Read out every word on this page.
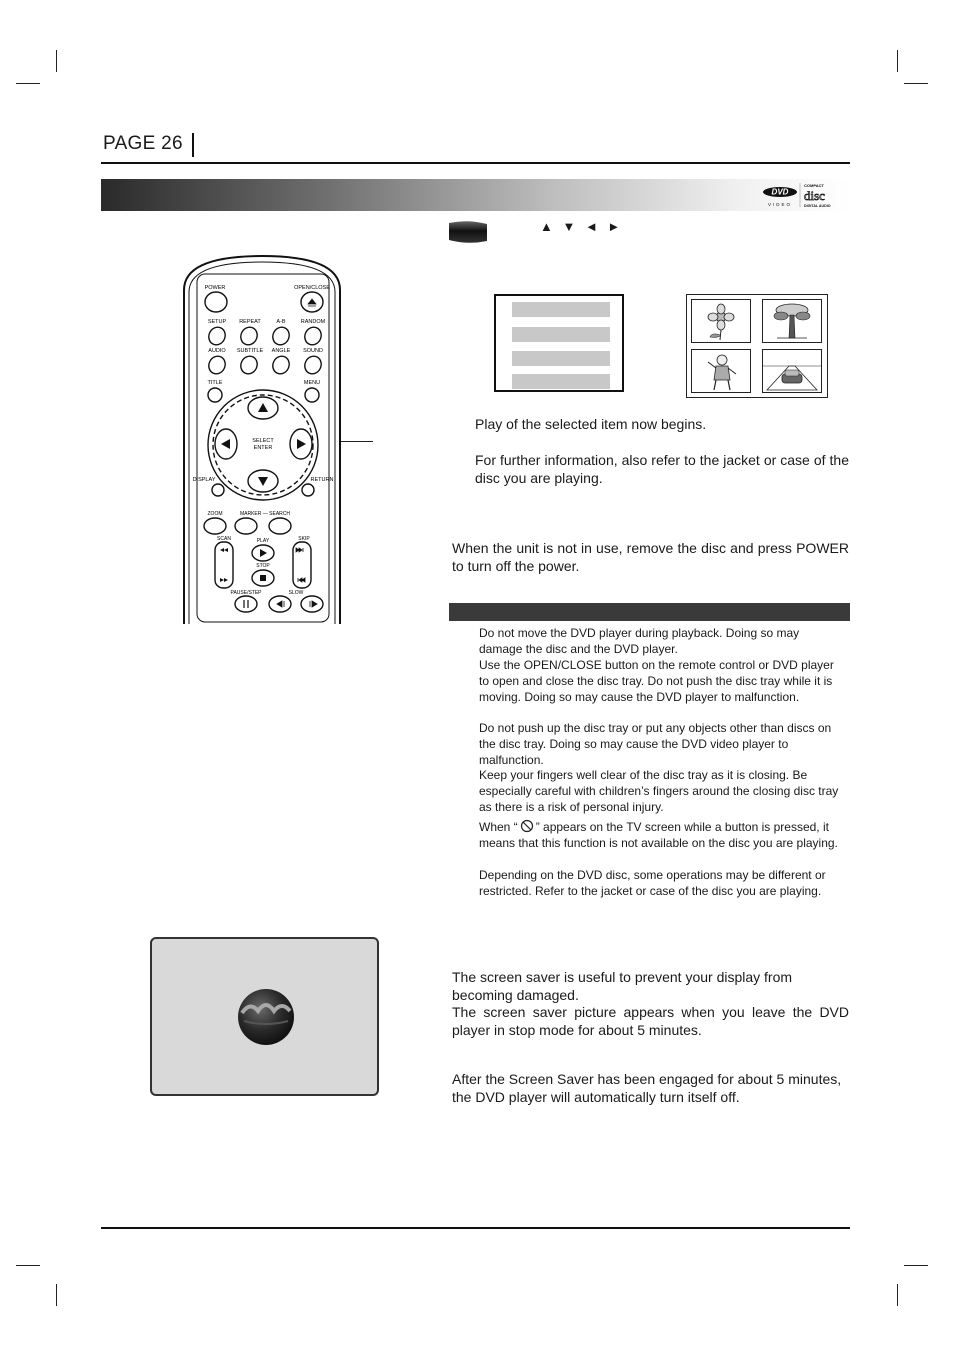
PAGE 26
DVD
VIDEO
COMPACT
disc
DIGITAL AUDIO
▲ ▼ ◄ ►
Play of the selected item now begins.
For further information, also refer to the jacket or case of the disc you are playing.
When the unit is not in use, remove the disc and press POWER to turn off the power.
Do not move the DVD player during playback. Doing so may damage the disc and the DVD player.
Use the OPEN/CLOSE button on the remote control or DVD player to open and close the disc tray. Do not push the disc tray while it is moving. Doing so may cause the DVD player to malfunction.
Do not push up the disc tray or put any objects other than discs on the disc tray. Doing so may cause the DVD video player to malfunction.
Keep your fingers well clear of the disc tray as it is closing. Be especially careful with children’s fingers around the closing disc tray as there is a risk of personal injury.
When “ ” appears on the TV screen while a button is pressed, it means that this function is not available on the disc you are playing.
Depending on the DVD disc, some operations may be different or restricted. Refer to the jacket or case of the disc you are playing.
The screen saver is useful to prevent your display from becoming damaged.
The screen saver picture appears when you leave the DVD player in stop mode for about 5 minutes.
After the Screen Saver has been engaged for about 5 minutes, the DVD player will automatically turn itself off.
POWER	OPEN/CLOSE
SETUP REPEAT	A-B	RANDOM
AUDIO SUBTITLE ANGLE SOUND
TITLE	MENU
SELECT
ENTER
DISPLAY	RETURN
ZOOM	MARKER — SEARCH
SCAN	PLAY	SKIP
STOP
PAUSE/STEP	SLOW
